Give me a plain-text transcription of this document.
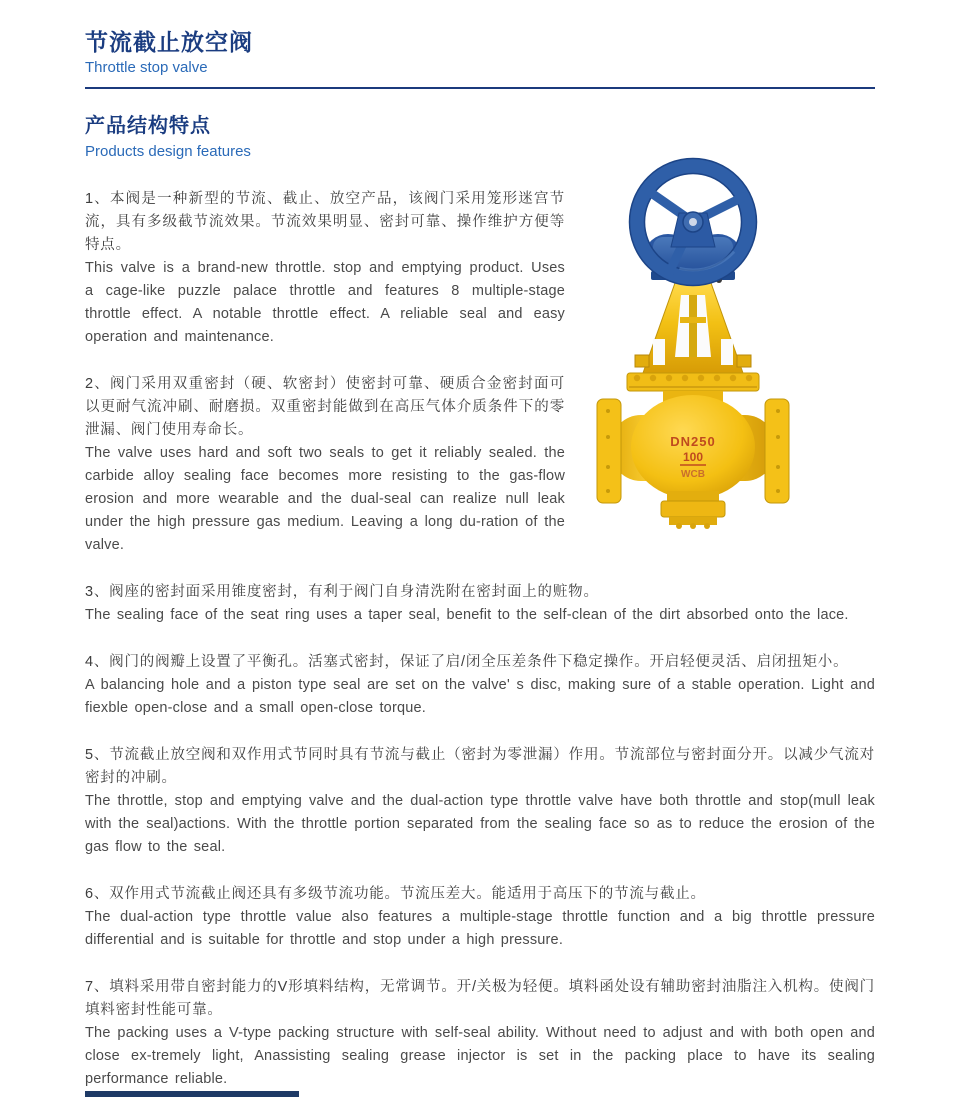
节流截止放空阀
Throttle stop valve
DN250
100
WCB
产品结构特点
Products design features

1、本阀是一种新型的节流、截止、放空产品，该阀门采用笼形迷宫节流，具有多级截节流效果。节流效果明显、密封可靠、操作维护方便等特点。

This valve is a brand-new throttle. stop and emptying product. Uses a cage-like puzzle palace throttle and features 8 multiple-stage throttle effect. A notable throttle effect. A reliable seal and easy operation and maintenance.

2、阀门采用双重密封（硬、软密封）使密封可靠、硬质合金密封面可以更耐气流冲刷、耐磨损。双重密封能做到在高压气体介质条件下的零泄漏、阀门使用寿命长。

The valve uses hard and soft two seals to get it reliably sealed. the carbide alloy sealing face becomes more resisting to the gas-flow erosion and more wearable and the dual-seal can realize null leak under the high pressure gas medium. Leaving a long du-ration of the valve.

3、阀座的密封面采用锥度密封，有利于阀门自身清洗附在密封面上的赃物。

The sealing face of the seat ring uses a taper seal, benefit to the self-clean of the dirt absorbed onto the lace.

4、阀门的阀瓣上设置了平衡孔。活塞式密封，保证了启/闭全压差条件下稳定操作。开启轻便灵活、启闭扭矩小。

A balancing hole and a piston type seal are set on the valve' s disc, making sure of a stable operation. Light and fiexble open-close and a small open-close torque.

5、节流截止放空阀和双作用式节同时具有节流与截止（密封为零泄漏）作用。节流部位与密封面分开。以减少气流对密封的冲刷。

The throttle, stop and emptying valve and the dual-action type throttle valve have both throttle and stop(mull leak with the seal)actions. With the throttle portion separated from the sealing face so as to reduce the erosion of the gas flow to the seal.

6、双作用式节流截止阀还具有多级节流功能。节流压差大。能适用于高压下的节流与截止。

The dual-action type throttle value also features a multiple-stage throttle function and a big throttle pressure differential and is suitable for throttle and stop under a high pressure.

7、填料采用带自密封能力的V形填料结构，无常调节。开/关极为轻便。填料函处设有辅助密封油脂注入机构。使阀门填料密封性能可靠。

The packing uses a V-type packing structure with self-seal ability. Without need to adjust and with both open and close ex-tremely light, Anassisting sealing grease injector is set in the packing place to have its sealing performance reliable.
